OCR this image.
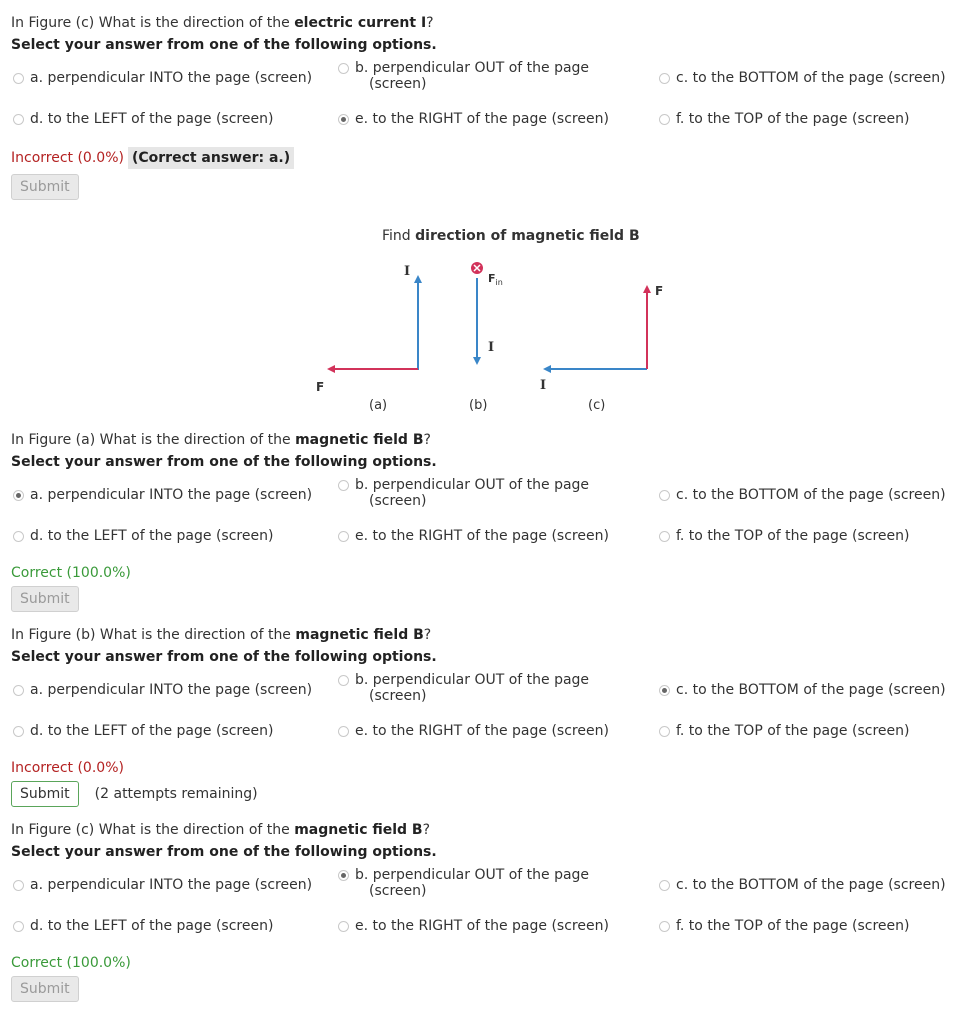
In Figure (c) What is the direction of the electric current I?
Select your answer from one of the following options.
a. perpendicular INTO the page (screen)
b. perpendicular OUT of the page
(screen)	c. to the BOTTOM of the page (screen)
d. to the LEFT of the page (screen)	e. to the RIGHT of the page (screen)	f. to the TOP of the page (screen)
Incorrect (0.0%) (Correct answer: a.)
Submit
Find direction of magnetic field B
I
F
$F_{in}$
I
I
F
(a)	(b)	(c)
In Figure (a) What is the direction of the magnetic field B?
Select your answer from one of the following options.
a. perpendicular INTO the page (screen)
b. perpendicular OUT of the page
(screen)	c. to the BOTTOM of the page (screen)
d. to the LEFT of the page (screen)	e. to the RIGHT of the page (screen)	f. to the TOP of the page (screen)
Correct (100.0%)
Submit
In Figure (b) What is the direction of the magnetic field B?
Select your answer from one of the following options.
a. perpendicular INTO the page (screen)
b. perpendicular OUT of the page
(screen)	c. to the BOTTOM of the page (screen)
d. to the LEFT of the page (screen)	e. to the RIGHT of the page (screen)	f. to the TOP of the page (screen)
Incorrect (0.0%)
Submit (2 attempts remaining)
In Figure (c) What is the direction of the magnetic field B?
Select your answer from one of the following options.
a. perpendicular INTO the page (screen)
b. perpendicular OUT of the page
(screen)	c. to the BOTTOM of the page (screen)
d. to the LEFT of the page (screen)	e. to the RIGHT of the page (screen)	f. to the TOP of the page (screen)
Correct (100.0%)
Submit
